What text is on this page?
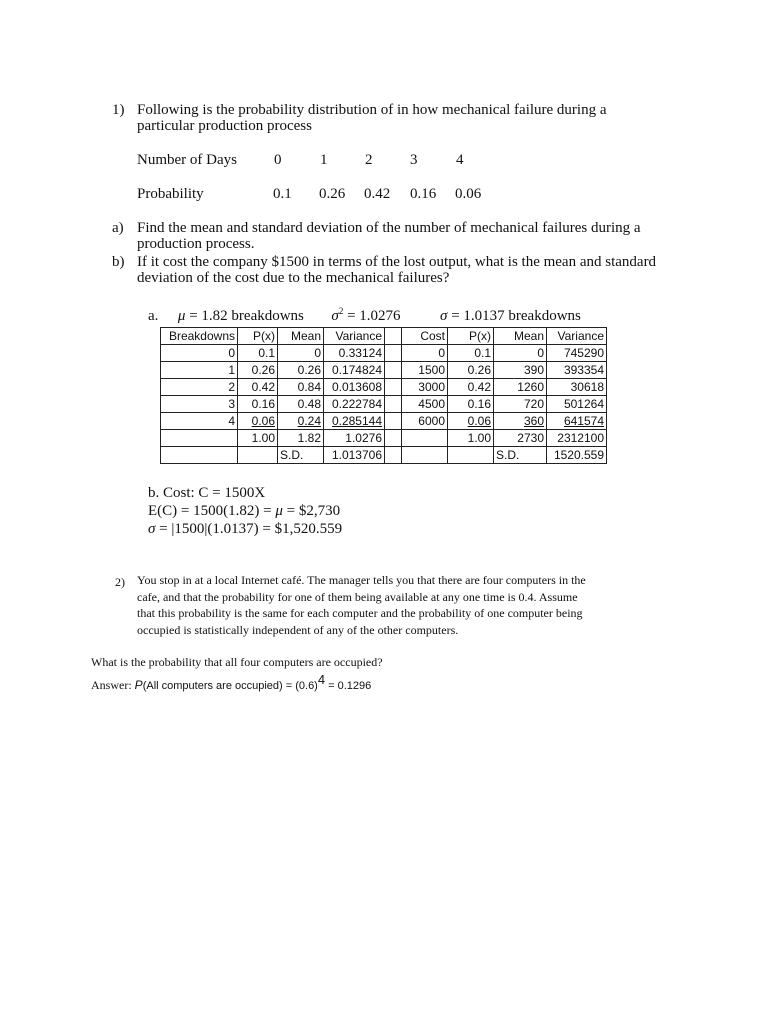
1) Following is the probability distribution of in how mechanical failure during a
particular production process
Number of Days 0	1	2	3	4
Probability	0.1 0.26 0.42 0.16 0.06
a) Find the mean and standard deviation of the number of mechanical failures during a
production process.
b) If it cost the company $1500 in terms of the lost output, what is the mean and standard
deviation of the cost due to the mechanical failures?
a. μ = 1.82 breakdowns $\sigma^2 = 1.0276$	σ = 1.0137 breakdowns
Breakdowns	P(x)	Mean	Variance		Cost	P(x)	Mean	Variance
0	0.1	0	0.33124		0	0.1	0	745290
1	0.26	0.26	0.174824		1500	0.26	390	393354
2	0.42	0.84	0.013608		3000	0.42	1260	30618
3	0.16	0.48	0.222784		4500	0.16	720	501264
4	0.06	0.24	0.285144		6000	0.06	360	641574
	1.00	1.82	1.0276			1.00	2730	2312100
		S.D.	1.013706				S.D.	1520.559
b. Cost: C = 1500X
E(C) = 1500(1.82) = μ = $2,730
σ = |1500|(1.0137) = $1,520.559
2) You stop in at a local Internet café. The manager tells you that there are four computers in the
cafe, and that the probability for one of them being available at any one time is 0.4. Assume
that this probability is the same for each computer and the probability of one computer being
occupied is statistically independent of any of the other computers.
What is the probability that all four computers are occupied?
Answer: P(All computers are occupied) = $(0.6)^4 = 0.1296$
